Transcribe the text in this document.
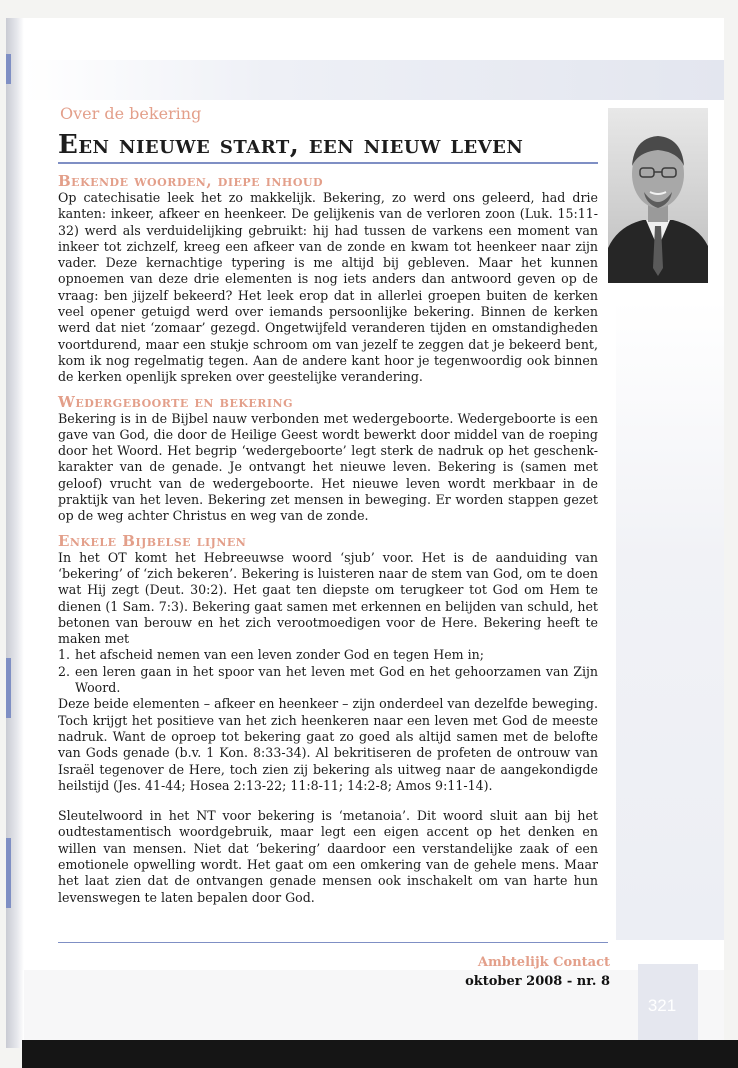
Over de bekering
Een nieuwe start, een nieuw leven
Bekende woorden, diepe inhoud

Op catechisatie leek het zo makkelijk. Bekering, zo werd ons geleerd, had drie kanten: inkeer, afkeer en heenkeer. De gelijkenis van de verloren zoon (Luk. 15:11-32) werd als verduidelijking gebruikt: hij had tussen de varkens een moment van inkeer tot zichzelf, kreeg een afkeer van de zonde en kwam tot heenkeer naar zijn vader. Deze kernachtige typering is me altijd bij gebleven. Maar het kunnen opnoemen van deze drie elementen is nog iets anders dan antwoord geven op de vraag: ben jijzelf bekeerd? Het leek erop dat in allerlei groepen buiten de kerken veel opener getuigd werd over iemands persoonlijke bekering. Binnen de kerken werd dat niet ‘zomaar’ gezegd. Ongetwijfeld veranderen tijden en omstandigheden voortdurend, maar een stukje schroom om van jezelf te zeggen dat je bekeerd bent, kom ik nog regelmatig tegen. Aan de andere kant hoor je tegenwoordig ook binnen de kerken openlijk spreken over geestelijke verandering.

Wedergeboorte en bekering

Bekering is in de Bijbel nauw verbonden met wedergeboorte. Wedergeboorte is een gave van God, die door de Heilige Geest wordt bewerkt door middel van de roeping door het Woord. Het begrip ‘wedergeboorte’ legt sterk de nadruk op het geschenk-karakter van de genade. Je ontvangt het nieuwe leven. Bekering is (samen met geloof) vrucht van de wedergeboorte. Het nieuwe leven wordt merkbaar in de praktijk van het leven. Bekering zet mensen in beweging. Er worden stappen gezet op de weg achter Christus en weg van de zonde.

Enkele Bijbelse lijnen

In het OT komt het Hebreeuwse woord ‘sjub’ voor. Het is de aanduiding van ‘bekering’ of ‘zich bekeren’. Bekering is luisteren naar de stem van God, om te doen wat Hij zegt (Deut. 30:2). Het gaat ten diepste om terugkeer tot God om Hem te dienen (1 Sam. 7:3). Bekering gaat samen met erkennen en belijden van schuld, het betonen van berouw en het zich verootmoedigen voor de Here. Bekering heeft te maken met

1. het afscheid nemen van een leven zonder God en tegen Hem in;
2. een leren gaan in het spoor van het leven met God en het gehoorzamen van Zijn Woord.

Deze beide elementen – afkeer en heenkeer – zijn onderdeel van dezelfde beweging. Toch krijgt het positieve van het zich heenkeren naar een leven met God de meeste nadruk. Want de oproep tot bekering gaat zo goed als altijd samen met de belofte van Gods genade (b.v. 1 Kon. 8:33-34). Al bekritiseren de profeten de ontrouw van Israël tegenover de Here, toch zien zij bekering als uitweg naar de aangekondigde heilstijd (Jes. 41-44; Hosea 2:13-22; 11:8-11; 14:2-8; Amos 9:11-14).

Sleutelwoord in het NT voor bekering is ‘metanoia’. Dit woord sluit aan bij het oudtestamentisch woordgebruik, maar legt een eigen accent op het denken en willen van mensen. Niet dat ‘bekering’ daardoor een verstandelijke zaak of een emotionele opwelling wordt. Het gaat om een omkering van de gehele mens. Maar het laat zien dat de ontvangen genade mensen ook inschakelt om van harte hun levenswegen te laten bepalen door God.

Ambtelijk Contact
oktober 2008 - nr. 8
321
